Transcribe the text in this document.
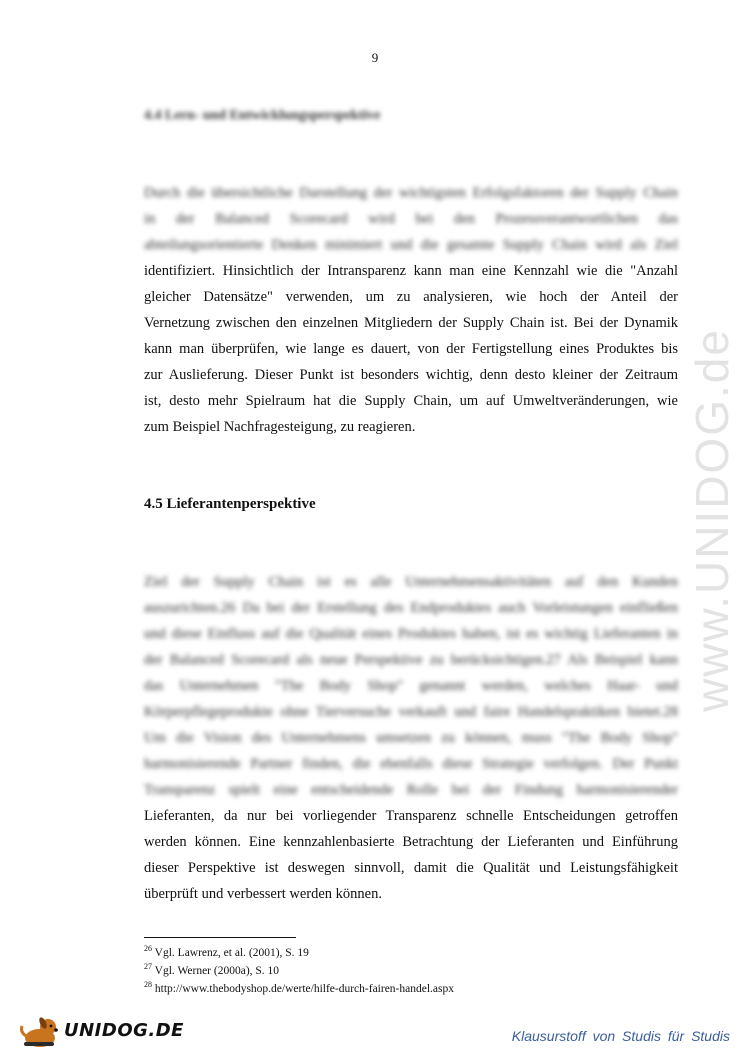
9
4.4 Lern- und Entwicklungsperspektive
Durch die übersichtliche Darstellung der wichtigsten Erfolgsfaktoren der Supply Chain
in der Balanced Scorecard wird bei den Prozessverantwortlichen das
abteilungsorientierte Denken minimiert und die gesamte Supply Chain wird als Ziel
identifiziert. Hinsichtlich der Intransparenz kann man eine Kennzahl wie die "Anzahl
gleicher Datensätze" verwenden, um zu analysieren, wie hoch der Anteil der
Vernetzung zwischen den einzelnen Mitgliedern der Supply Chain ist. Bei der Dynamik
kann man überprüfen, wie lange es dauert, von der Fertigstellung eines Produktes bis
zur Auslieferung. Dieser Punkt ist besonders wichtig, denn desto kleiner der Zeitraum
ist, desto mehr Spielraum hat die Supply Chain, um auf Umweltveränderungen, wie
zum Beispiel Nachfragesteigung, zu reagieren.
4.5 Lieferantenperspektive
Ziel der Supply Chain ist es alle Unternehmensaktivitäten auf den Kunden
auszurichten.26 Da bei der Erstellung des Endproduktes auch Vorleistungen einfließen
und diese Einfluss auf die Qualität eines Produktes haben, ist es wichtig Lieferanten in
der Balanced Scorecard als neue Perspektive zu berücksichtigen.27 Als Beispiel kann
das Unternehmen "The Body Shop" genannt werden, welches Haar- und
Körperpflegeprodukte ohne Tierversuche verkauft und faire Handelspraktiken bietet.28
Um die Vision des Unternehmens umsetzen zu können, muss "The Body Shop"
harmonisierende Partner finden, die ebenfalls diese Strategie verfolgen. Der Punkt
Transparenz spielt eine entscheidende Rolle bei der Findung harmonisierender
Lieferanten, da nur bei vorliegender Transparenz schnelle Entscheidungen getroffen
werden können. Eine kennzahlenbasierte Betrachtung der Lieferanten und Einführung
dieser Perspektive ist deswegen sinnvoll, damit die Qualität und Leistungsfähigkeit
überprüft und verbessert werden können.
$^{26}$ Vgl. Lawrenz, et al. (2001), S. 19
$^{27}$ Vgl. Werner (2000a), S. 10
$^{28}$ http://www.thebodyshop.de/werte/hilfe-durch-fairen-handel.aspx
www.UNIDOG.de
UNIDOG.DE	Klausurstoff von Studis für Studis
